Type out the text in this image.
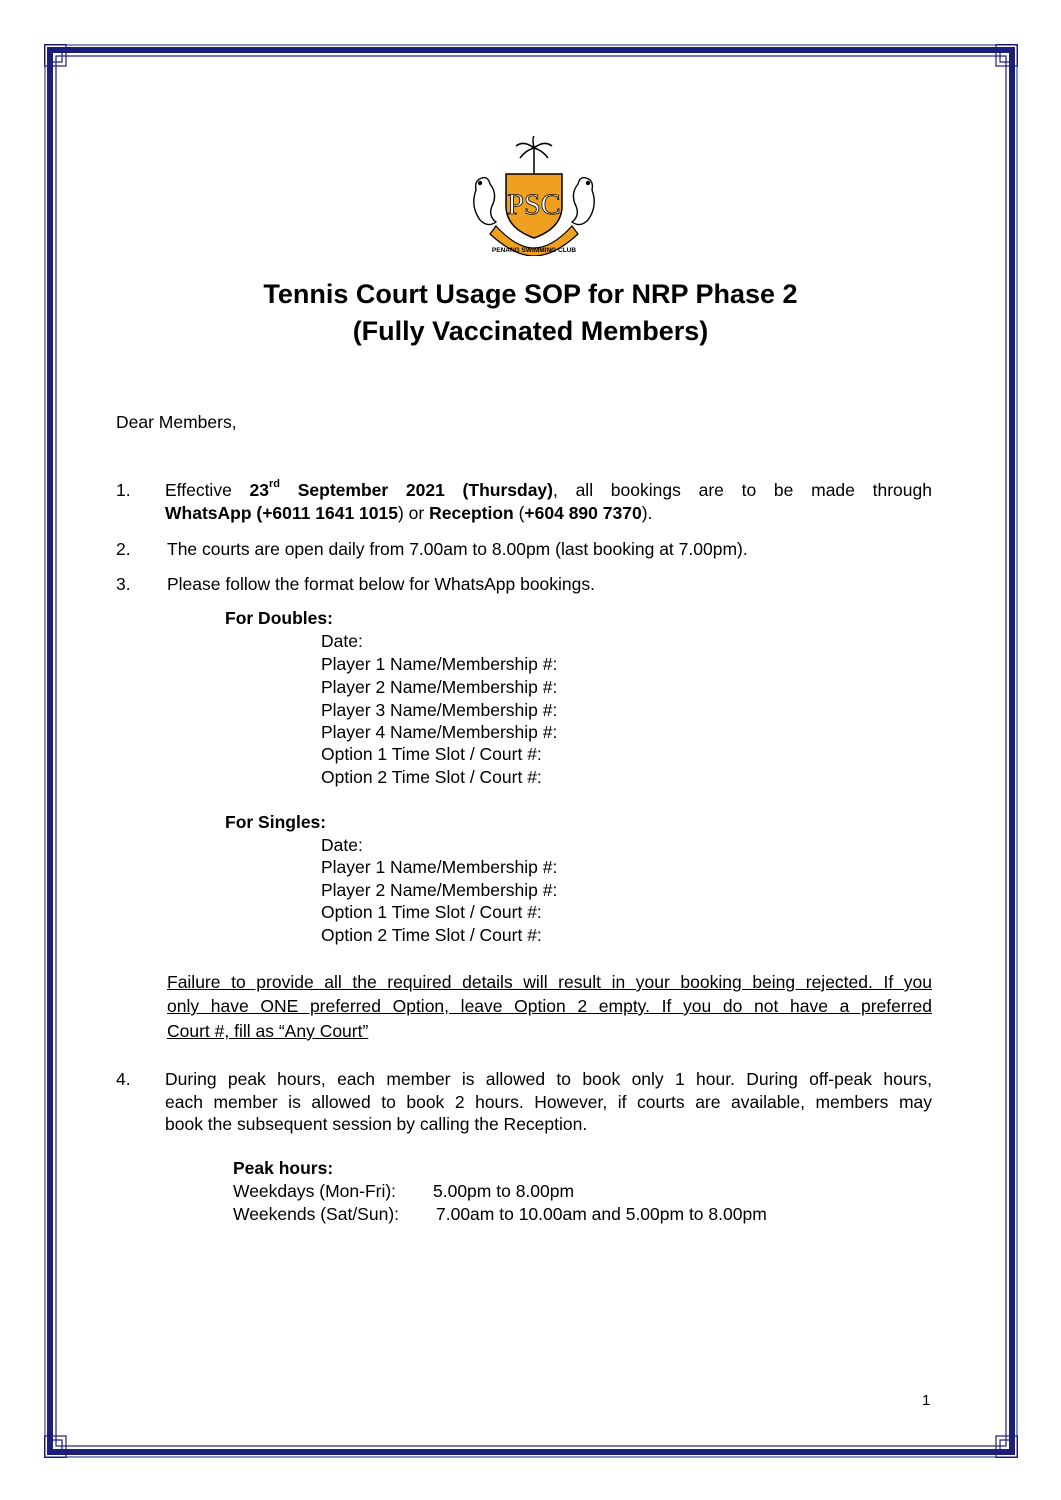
PSC
PENANG SWIMMING CLUB
Tennis Court Usage SOP for NRP Phase 2
(Fully Vaccinated Members)
Dear Members,
1. Effective 23rd September 2021 (Thursday), all bookings are to be made through
WhatsApp (+6011 1641 1015) or Reception (+604 890 7370).
2. The courts are open daily from 7.00am to 8.00pm (last booking at 7.00pm).
3. Please follow the format below for WhatsApp bookings.
For Doubles:
Date:
Player 1 Name/Membership #:
Player 2 Name/Membership #:
Player 3 Name/Membership #:
Player 4 Name/Membership #:
Option 1 Time Slot / Court #:
Option 2 Time Slot / Court #:
For Singles:
Date:
Player 1 Name/Membership #:
Player 2 Name/Membership #:
Option 1 Time Slot / Court #:
Option 2 Time Slot / Court #:
Failure to provide all the required details will result in your booking being rejected. If you
only have ONE preferred Option, leave Option 2 empty. If you do not have a preferred
Court #, fill as “Any Court”
4. During peak hours, each member is allowed to book only 1 hour. During off-peak hours,
each member is allowed to book 2 hours. However, if courts are available, members may
book the subsequent session by calling the Reception.
Peak hours:
Weekdays (Mon-Fri): 5.00pm to 8.00pm
Weekends (Sat/Sun): 7.00am to 10.00am and 5.00pm to 8.00pm
1
